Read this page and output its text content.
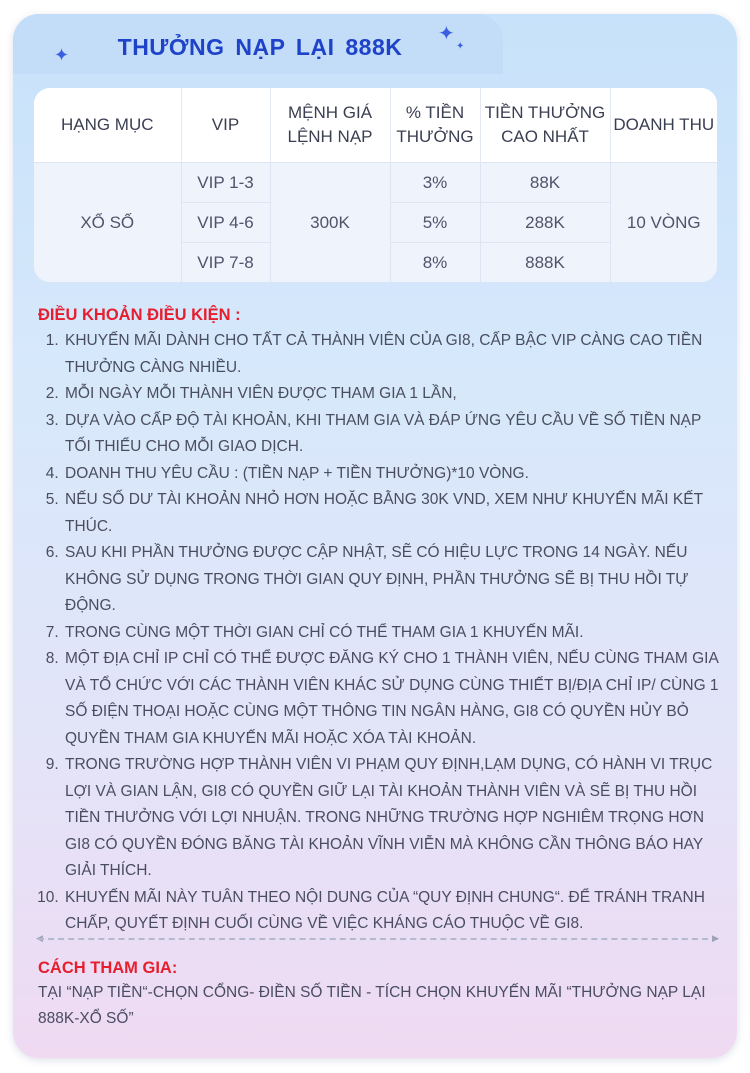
✦
✦
✦
THƯỞNG NẠP LẠI 888K
HẠNG MỤC	VIP	MỆNH GIÁ LỆNH NẠP	% TIỀN THƯỞNG	TIỀN THƯỞNG CAO NHẤT	DOANH THU
XỔ SỐ	VIP 1-3	300K	3%	88K	10 VÒNG
	VIP 4-6		5%	288K	
	VIP 7-8		8%	888K	
ĐIỀU KHOẢN ĐIỀU KIỆN :
1. KHUYẾN MÃI DÀNH CHO TẤT CẢ THÀNH VIÊN CỦA GI8, CẤP BẬC VIP CÀNG CAO TIỀN THƯỞNG CÀNG NHIỀU.
2. MỖI NGÀY MỖI THÀNH VIÊN ĐƯỢC THAM GIA 1 LẦN,
3. DỰA VÀO CẤP ĐỘ TÀI KHOẢN, KHI THAM GIA VÀ ĐÁP ỨNG YÊU CẦU VỀ SỐ TIỀN NẠP TỐI THIỂU CHO MỖI GIAO DỊCH.
4. DOANH THU YÊU CẦU : (TIỀN NẠP + TIỀN THƯỞNG)*10 VÒNG.
5. NẾU SỐ DƯ TÀI KHOẢN NHỎ HƠN HOẶC BẰNG 30K VND, XEM NHƯ KHUYẾN MÃI KẾT THÚC.
6. SAU KHI PHẦN THƯỞNG ĐƯỢC CẬP NHẬT, SẼ CÓ HIỆU LỰC TRONG 14 NGÀY. NẾU KHÔNG SỬ DỤNG TRONG THỜI GIAN QUY ĐỊNH, PHẦN THƯỞNG SẼ BỊ THU HỒI TỰ ĐỘNG.
7. TRONG CÙNG MỘT THỜI GIAN CHỈ CÓ THỂ THAM GIA 1 KHUYẾN MÃI.
8. MỘT ĐỊA CHỈ IP CHỈ CÓ THỂ ĐƯỢC ĐĂNG KÝ CHO 1 THÀNH VIÊN, NẾU CÙNG THAM GIA VÀ TỔ CHỨC VỚI CÁC THÀNH VIÊN KHÁC SỬ DỤNG CÙNG THIẾT BỊ/ĐỊA CHỈ IP/ CÙNG 1 SỐ ĐIỆN THOẠI HOẶC CÙNG MỘT THÔNG TIN NGÂN HÀNG, GI8 CÓ QUYỀN HỦY BỎ QUYỀN THAM GIA KHUYẾN MÃI HOẶC XÓA TÀI KHOẢN.
9. TRONG TRƯỜNG HỢP THÀNH VIÊN VI PHẠM QUY ĐỊNH,LẠM DỤNG, CÓ HÀNH VI TRỤC LỢI VÀ GIAN LẬN, GI8 CÓ QUYỀN GIỮ LẠI TÀI KHOẢN THÀNH VIÊN VÀ SẼ BỊ THU HỒI TIỀN THƯỞNG VỚI LỢI NHUẬN. TRONG NHỮNG TRƯỜNG HỢP NGHIÊM TRỌNG HƠN GI8 CÓ QUYỀN ĐÓNG BĂNG TÀI KHOẢN VĨNH VIỄN MÀ KHÔNG CẦN THÔNG BÁO HAY GIẢI THÍCH.
10. KHUYẾN MÃI NÀY TUÂN THEO NỘI DUNG CỦA “QUY ĐỊNH CHUNG“. ĐỂ TRÁNH TRANH CHẤP, QUYẾT ĐỊNH CUỐI CÙNG VỀ VIỆC KHÁNG CÁO THUỘC VỀ GI8.
◀	▶
CÁCH THAM GIA:
TẠI “NẠP TIỀN“-CHỌN CỔNG- ĐIỀN SỐ TIỀN - TÍCH CHỌN KHUYẾN MÃI “THƯỞNG NẠP LẠI 888K-XỔ SỐ”
